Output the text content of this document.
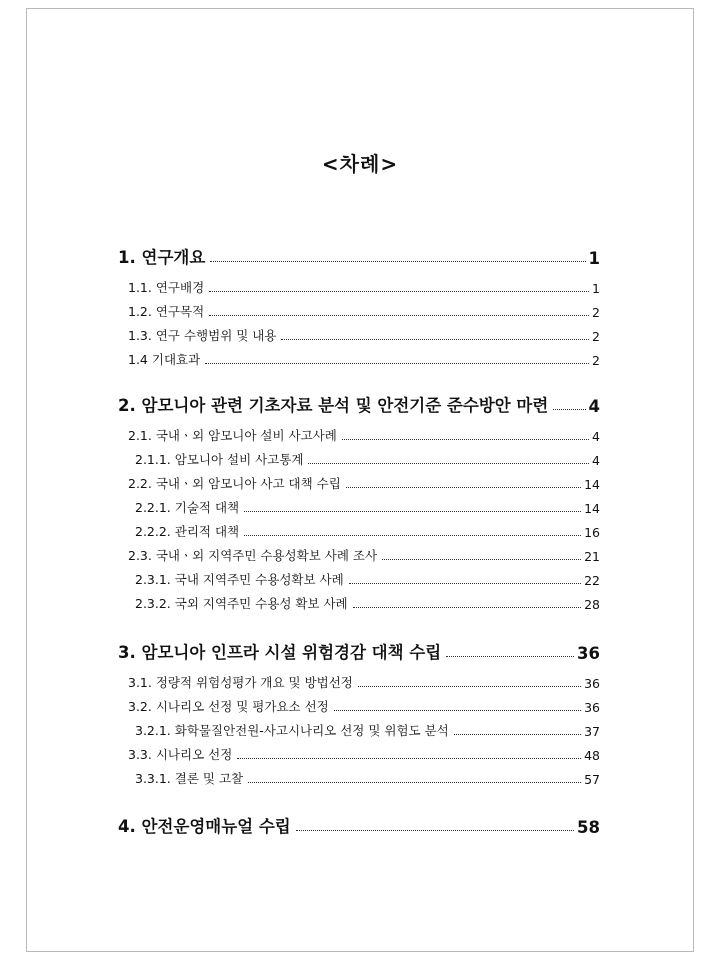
<차례>
1. 연구개요	1
1.1. 연구배경	1
1.2. 연구목적	2
1.3. 연구 수행범위 및 내용	2
1.4 기대효과	2
2. 암모니아 관련 기초자료 분석 및 안전기준 준수방안 마련 4
2.1. 국내ㆍ외 암모니아 설비 사고사례	4
2.1.1. 암모니아 설비 사고통계	4
2.2. 국내ㆍ외 암모니아 사고 대책 수립	14
2.2.1. 기술적 대책	14
2.2.2. 관리적 대책	16
2.3. 국내ㆍ외 지역주민 수용성확보 사례 조사	21
2.3.1. 국내 지역주민 수용성확보 사례	22
2.3.2. 국외 지역주민 수용성 확보 사례	28
3. 암모니아 인프라 시설 위험경감 대책 수립	36
3.1. 정량적 위험성평가 개요 및 방법선정	36
3.2. 시나리오 선정 및 평가요소 선정	36
3.2.1. 화학물질안전원-사고시나리오 선정 및 위험도 분석	37
3.3. 시나리오 선정	48
3.3.1. 결론 및 고찰	57
4. 안전운영매뉴얼 수립	58
